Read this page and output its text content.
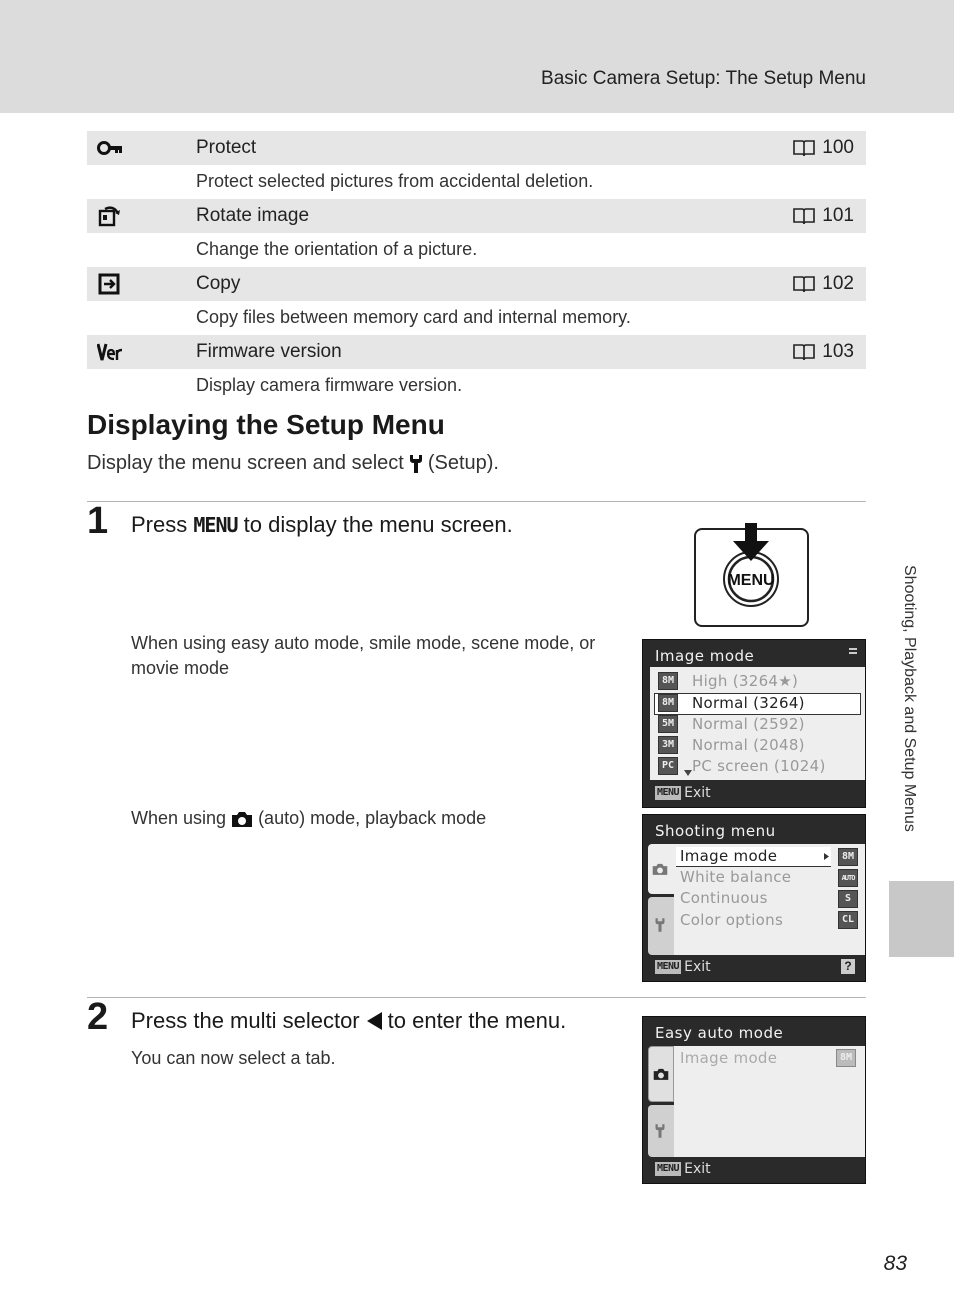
Basic Camera Setup: The Setup Menu
Protect	100
Protect selected pictures from accidental deletion.
Rotate image	101
Change the orientation of a picture.
Copy	102
Copy files between memory card and internal memory.
Firmware version	103
Display camera firmware version.
Displaying the Setup Menu
Display the menu screen and select (Setup).
1 Press MENU to display the menu screen.
MENU
When using easy auto mode, smile mode, scene mode, or movie mode
When using (auto) mode, playback mode
Image mode
8M High (3264★)
8M Normal (3264)
5M Normal (2592)
3M Normal (2048)
PC PC screen (1024)
MENU Exit
Shooting menu
Image mode	8M
White balance	AUTO
Continuous	S
Color options	CL
MENU Exit	?
2 Press the multi selector to enter the menu.
You can now select a tab.
Easy auto mode
Image mode	8M
MENU Exit
Shooting, Playback and Setup Menus
83
